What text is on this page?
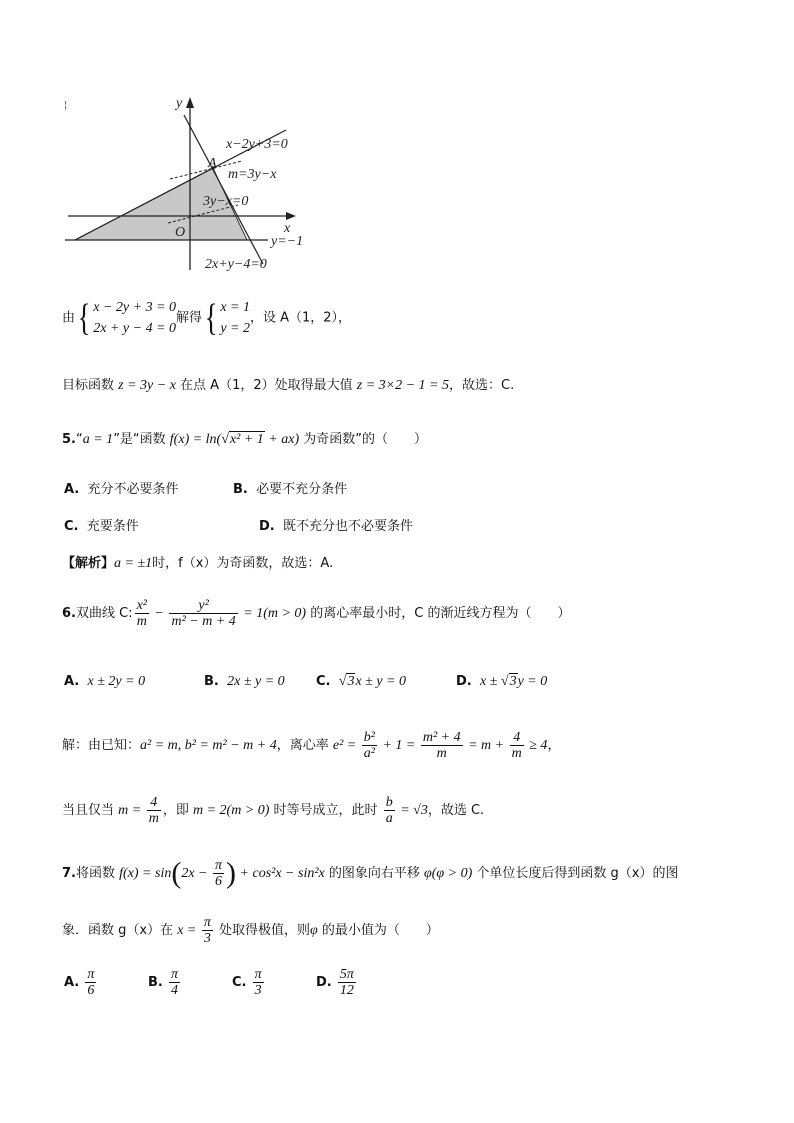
y
x
x−2y+3=0
A
m=3y−x
3y−x=0
O
y=−1
2x+y−4=0
¦
由{ x − 2y + 3 = 0
2x + y − 4 = 0解得{ x = 1
y = 2，设 A（1，2），
目标函数 z = 3y − x 在点 A（1，2）处取得最大值 z = 3×2 − 1 = 5，故选：C.
5.“a = 1”是“函数 f(x) = ln(√x² + 1 + ax) 为奇函数”的（　　）
A. 充分不必要条件	B. 必要不充分条件
C. 充要条件	D. 既不充分也不必要条件
【解析】a = ±1时，f（x）为奇函数，故选：A.
6.双曲线 C: $\frac{\text{x²}}{m} - \frac{\text{y²}}{\text{m² − m + 4}} = 1(m > 0)$ 的离心率最小时，C 的渐近线方程为（　　）
A. x ± 2y = 0	B. 2x ± y = 0 C. √3x ± y = 0	D. x ± √3y = 0
解：由已知：a² = m, b² = m² − m + 4，离心率 $e^2 = \frac{\text{b²}}{\text{a²}} + 1 = \frac{\text{m² + 4}}{m} = m + \frac{4}{m} \ge 4$，
当且仅当 $m = \frac{4}{m}$ ，即 m = 2(m > 0) 时等号成立，此时 $\frac{b}{a} = √3$，故选 C.
7.将函数 $f(x) = \sin(2x - \frac{\pi}{6}$ ) + cos²x − sin²x 的图象向右平移 φ(φ > 0) 个单位长度后得到函数 g（x）的图
象．函数 g（x）在 $x = \frac{\pi}{3}$ 处取得极值，则φ 的最小值为（　　）
A. $\frac{\pi}{6}$	B. $\frac{\pi}{4}$	C. $\frac{\pi}{3}$	D. $\frac{5\pi}{12}$
